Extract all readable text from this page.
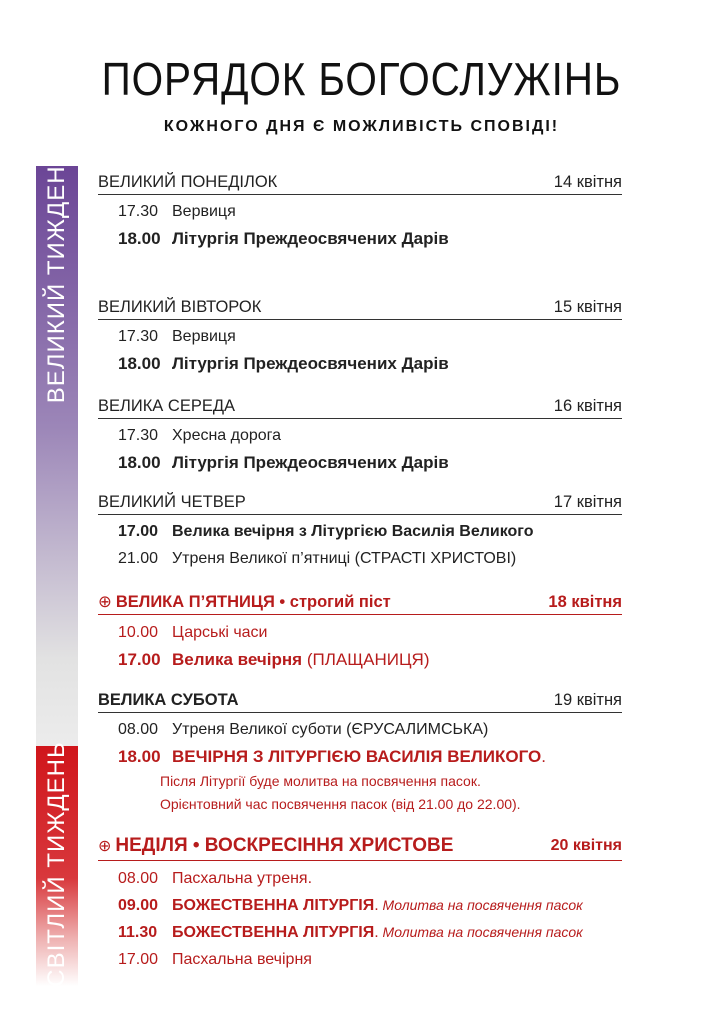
ПОРЯДОК БОГОСЛУЖІНЬ
КОЖНОГО ДНЯ Є МОЖЛИВІСТЬ СПОВІДІ!
ВЕЛИКИЙ ТИЖДЕНЬ
СВІТЛИЙ ТИЖДЕНЬ
ВЕЛИКИЙ ПОНЕДІЛОК	14 квітня
17.30 Вервиця
18.00 Літургія Преждеосвячених Дарів
ВЕЛИКИЙ ВІВТОРОК	15 квітня
17.30 Вервиця
18.00 Літургія Преждеосвячених Дарів
ВЕЛИКА СЕРЕДА	16 квітня
17.30 Хресна дорога
18.00 Літургія Преждеосвячених Дарів
ВЕЛИКИЙ ЧЕТВЕР	17 квітня
17.00 Велика вечірня з Літургією Василія Великого
21.00 Утреня Великої п’ятниці (СТРАСТІ ХРИСТОВІ)
⊕ ВЕЛИКА П’ЯТНИЦЯ • строгий піст	18 квітня
10.00 Царські часи
17.00 Велика вечірня (ПЛАЩАНИЦЯ)
ВЕЛИКА СУБОТА	19 квітня
08.00 Утреня Великої суботи (ЄРУСАЛИМСЬКА)
18.00 ВЕЧІРНЯ З ЛІТУРГІЄЮ ВАСИЛІЯ ВЕЛИКОГО.
Після Літургії буде молитва на посвячення пасок.
Орієнтовний час посвячення пасок (від 21.00 до 22.00).
⊕ НЕДІЛЯ • ВОСКРЕСІННЯ ХРИСТОВЕ	20 квітня
08.00 Пасхальна утреня.
09.00 БОЖЕСТВЕННА ЛІТУРГІЯ. Молитва на посвячення пасок
11.30 БОЖЕСТВЕННА ЛІТУРГІЯ. Молитва на посвячення пасок
17.00 Пасхальна вечірня
